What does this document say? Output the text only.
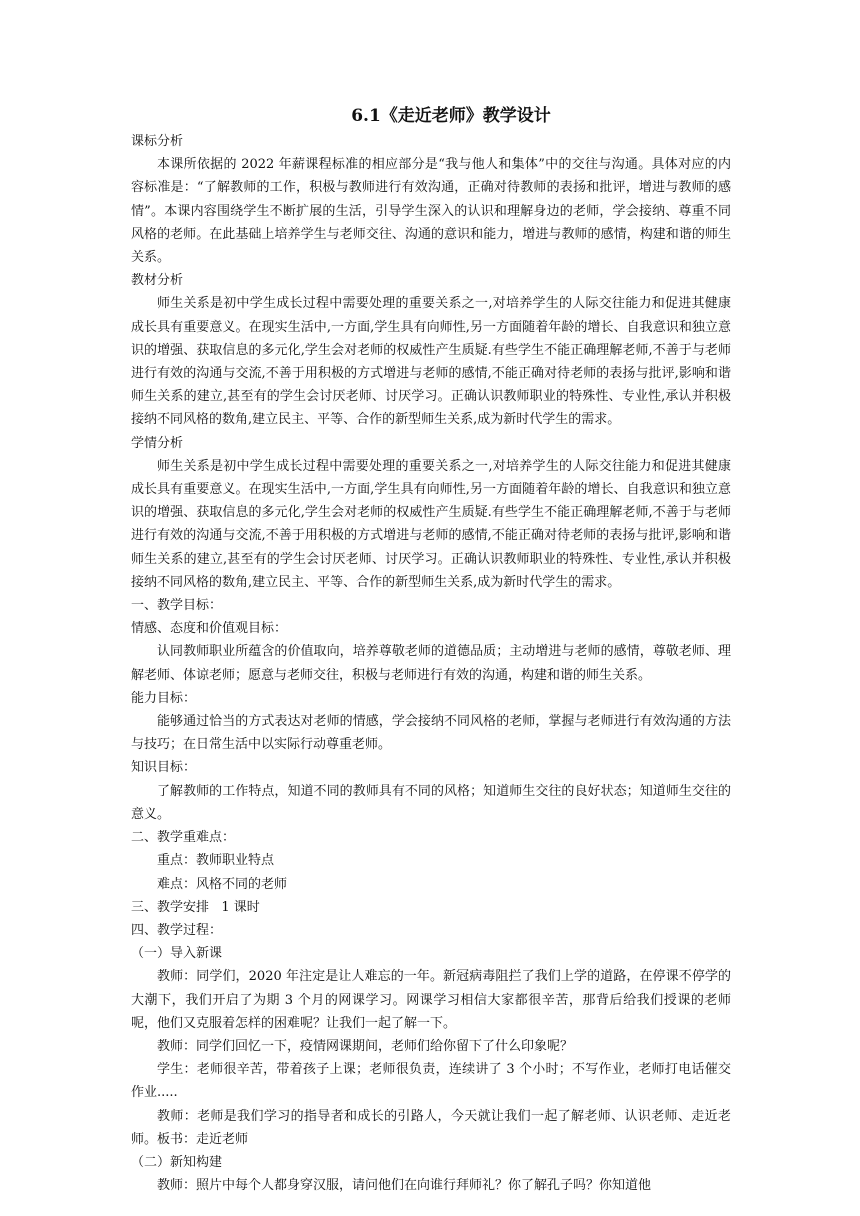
6.1《走近老师》教学设计
课标分析
本课所依据的 2022 年薪课程标准的相应部分是“我与他人和集体”中的交往与沟通。具体对应的内容标准是：“了解教师的工作，积极与教师进行有效沟通，正确对待教师的表扬和批评，增进与教师的感情”。本课内容围绕学生不断扩展的生活，引导学生深入的认识和理解身边的老师，学会接纳、尊重不同风格的老师。在此基础上培养学生与老师交往、沟通的意识和能力，增进与教师的感情，构建和谐的师生关系。
教材分析
师生关系是初中学生成长过程中需要处理的重要关系之一,对培养学生的人际交往能力和促进其健康成长具有重要意义。在现实生活中,一方面,学生具有向师性,另一方面随着年龄的增长、自我意识和独立意识的增强、获取信息的多元化,学生会对老师的权威性产生质疑.有些学生不能正确理解老师,不善于与老师进行有效的沟通与交流,不善于用积极的方式增进与老师的感情,不能正确对待老师的表扬与批评,影响和谐师生关系的建立,甚至有的学生会讨厌老师、讨厌学习。正确认识教师职业的特殊性、专业性,承认并积极接纳不同风格的数角,建立民主、平等、合作的新型师生关系,成为新时代学生的需求。
学情分析
师生关系是初中学生成长过程中需要处理的重要关系之一,对培养学生的人际交往能力和促进其健康成长具有重要意义。在现实生活中,一方面,学生具有向师性,另一方面随着年龄的增长、自我意识和独立意识的增强、获取信息的多元化,学生会对老师的权威性产生质疑.有些学生不能正确理解老师,不善于与老师进行有效的沟通与交流,不善于用积极的方式增进与老师的感情,不能正确对待老师的表扬与批评,影响和谐师生关系的建立,甚至有的学生会讨厌老师、讨厌学习。正确认识教师职业的特殊性、专业性,承认并积极接纳不同风格的数角,建立民主、平等、合作的新型师生关系,成为新时代学生的需求。
一、教学目标：
情感、态度和价值观目标：
认同教师职业所蕴含的价值取向，培养尊敬老师的道德品质；主动增进与老师的感情，尊敬老师、理解老师、体谅老师；愿意与老师交往，积极与老师进行有效的沟通，构建和谐的师生关系。
能力目标：
能够通过恰当的方式表达对老师的情感，学会接纳不同风格的老师，掌握与老师进行有效沟通的方法与技巧；在日常生活中以实际行动尊重老师。
知识目标：
了解教师的工作特点，知道不同的教师具有不同的风格；知道师生交往的良好状态；知道师生交往的意义。
二、教学重难点：
重点：教师职业特点
难点：风格不同的老师
三、教学安排   1 课时
四、教学过程：
（一）导入新课
教师：同学们，2020 年注定是让人难忘的一年。新冠病毒阻拦了我们上学的道路，在停课不停学的大潮下，我们开启了为期 3 个月的网课学习。网课学习相信大家都很辛苦，那背后给我们授课的老师呢，他们又克服着怎样的困难呢？让我们一起了解一下。
教师：同学们回忆一下，疫情网课期间，老师们给你留下了什么印象呢？
学生：老师很辛苦，带着孩子上课；老师很负责，连续讲了 3 个小时；不写作业，老师打电话催交作业.....
教师：老师是我们学习的指导者和成长的引路人，今天就让我们一起了解老师、认识老师、走近老师。板书：走近老师
（二）新知构建
教师：照片中每个人都身穿汉服，请问他们在向谁行拜师礼？你了解孔子吗？你知道他
